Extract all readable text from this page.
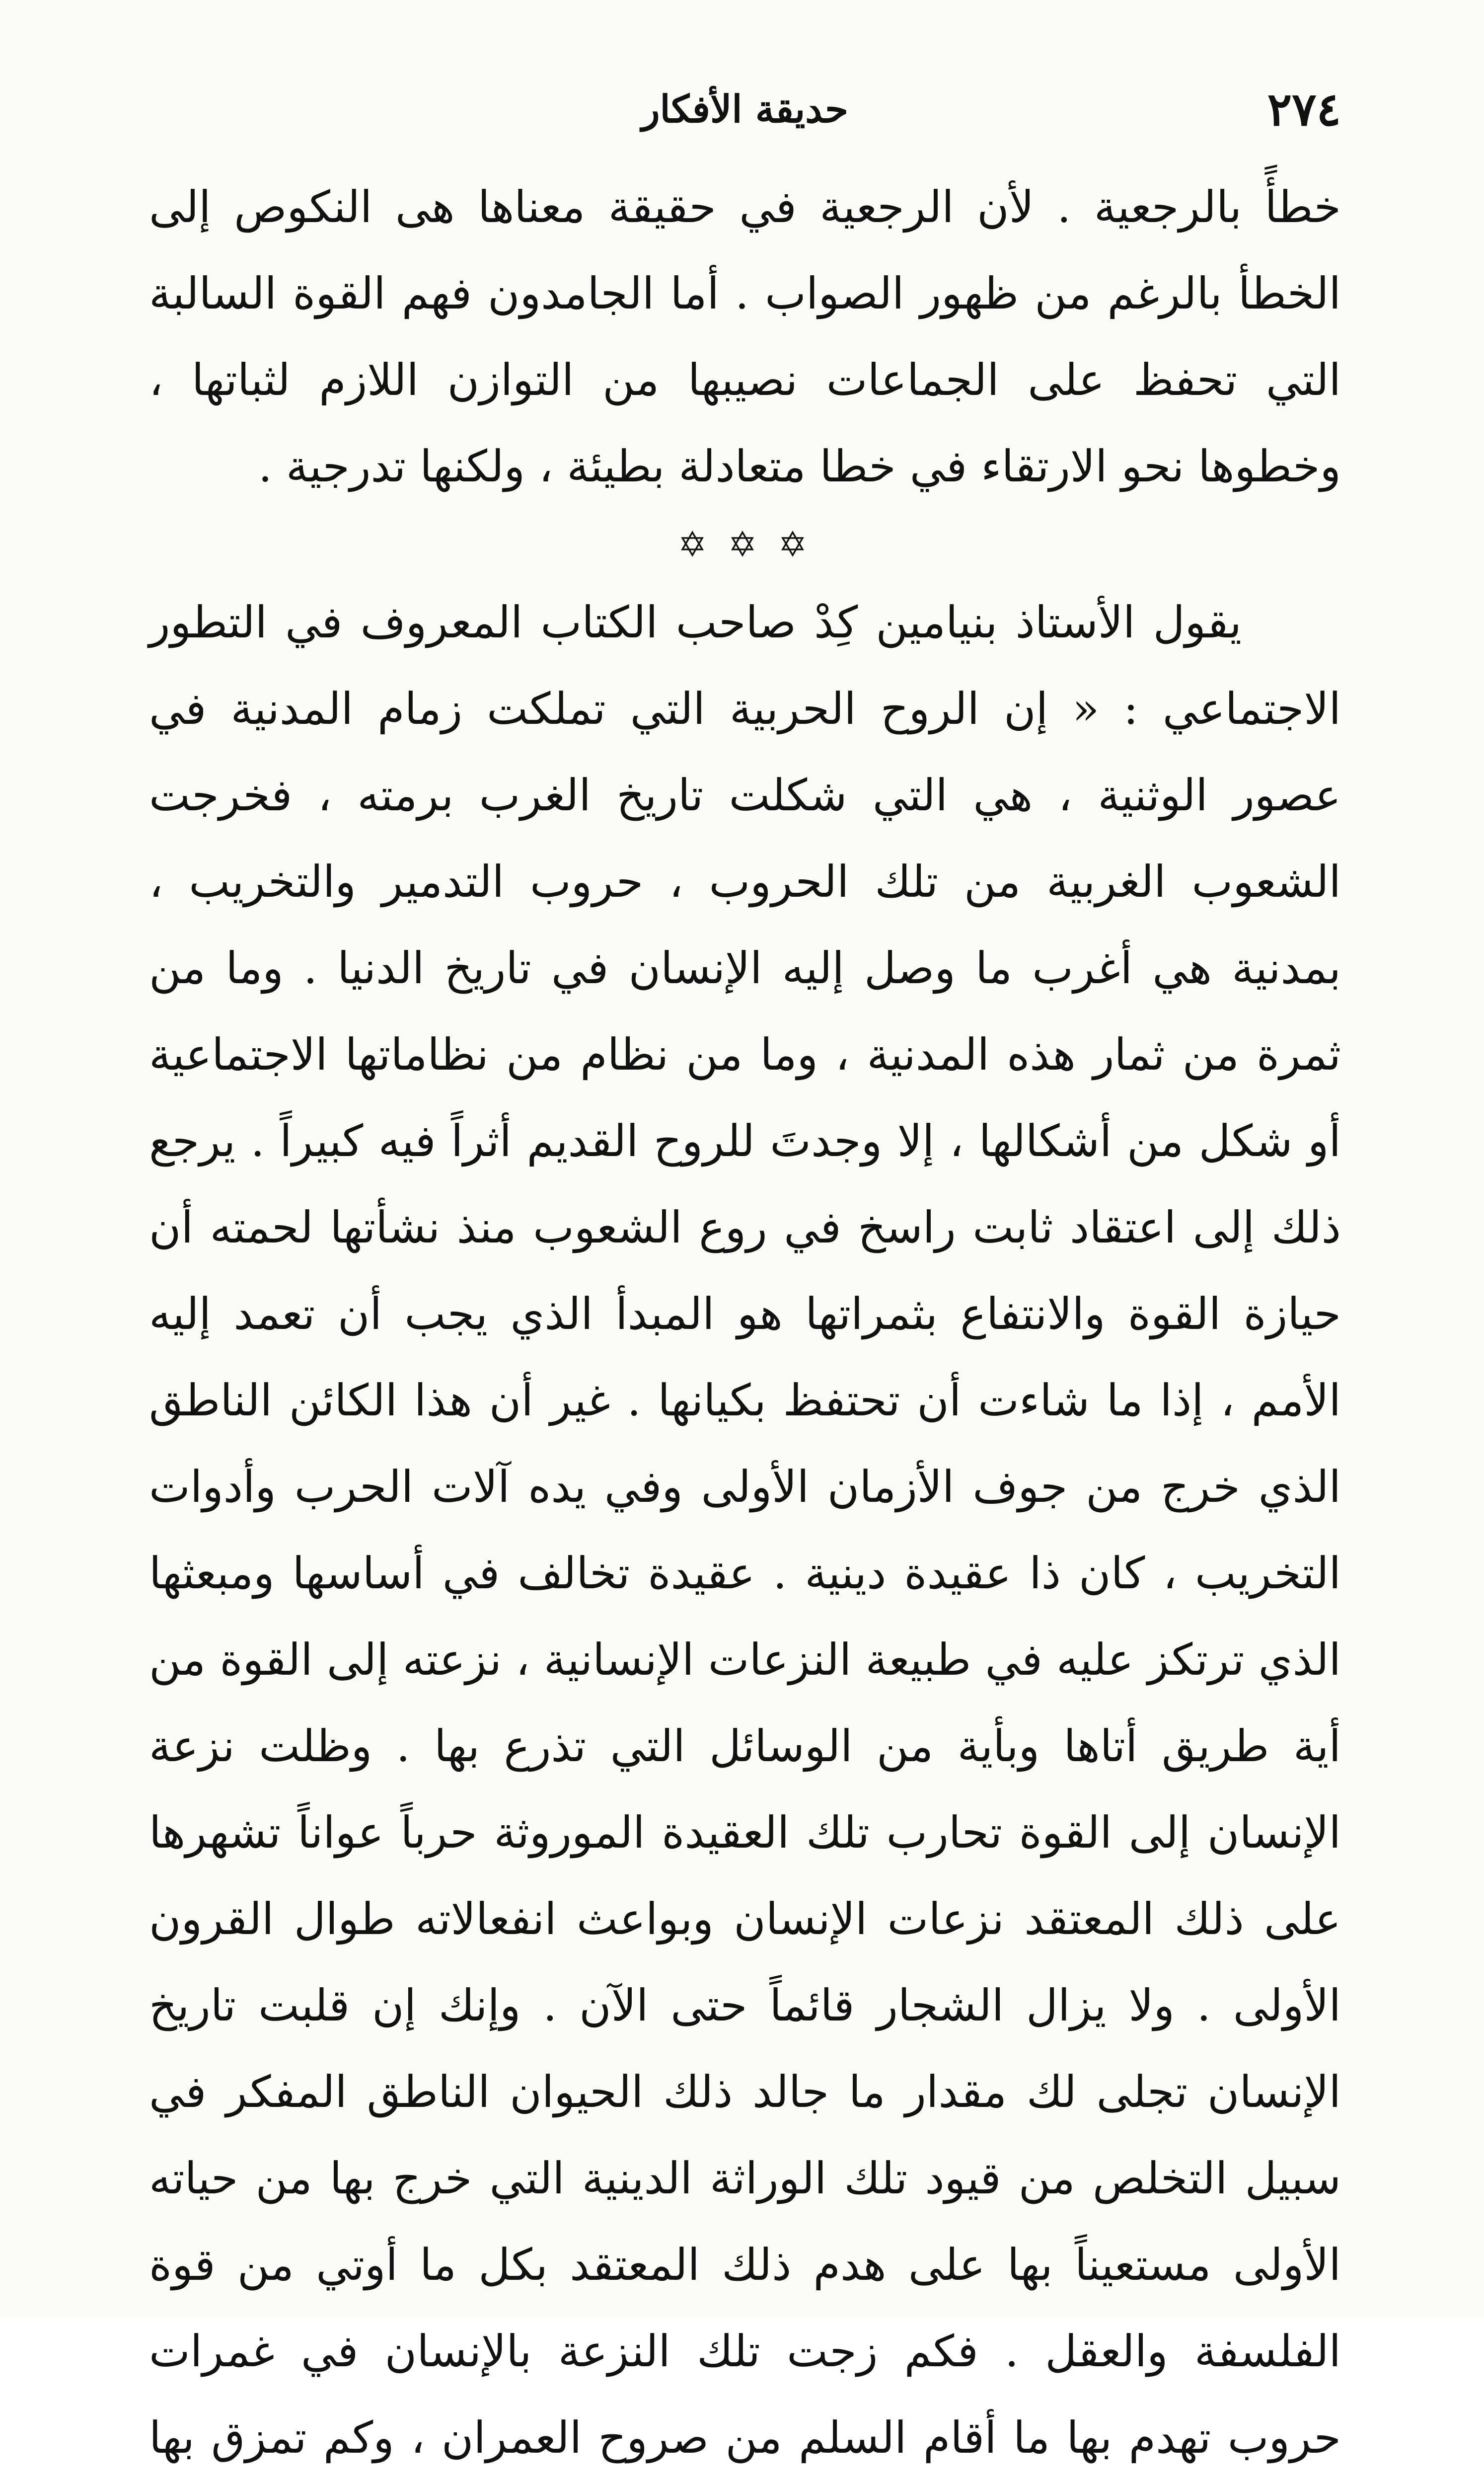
٢٧٤
حديقة الأفكار

خطأً بالرجعية . لأن الرجعية في حقيقة معناها هى النكوص إلى الخطأ بالرغم من ظهور الصواب . أما الجامدون فهم القوة السالبة التي تحفظ على الجماعات نصيبها من التوازن اللازم لثباتها ، وخطوها نحو الارتقاء في خطا متعادلة بطيئة ، ولكنها تدرجية .

✡ ✡ ✡

يقول الأستاذ بنيامين كِدْ صاحب الكتاب المعروف في التطور الاجتماعي : « إن الروح الحربية التي تملكت زمام المدنية في عصور الوثنية ، هي التي شكلت تاريخ الغرب برمته ، فخرجت الشعوب الغربية من تلك الحروب ، حروب التدمير والتخريب ، بمدنية هي أغرب ما وصل إليه الإنسان في تاريخ الدنيا . وما من ثمرة من ثمار هذه المدنية ، وما من نظام من نظاماتها الاجتماعية أو شكل من أشكالها ، إلا وجدتَ للروح القديم أثراً فيه كبيراً . يرجع ذلك إلى اعتقاد ثابت راسخ في روع الشعوب منذ نشأتها لحمته أن حيازة القوة والانتفاع بثمراتها هو المبدأ الذي يجب أن تعمد إليه الأمم ، إذا ما شاءت أن تحتفظ بكيانها . غير أن هذا الكائن الناطق الذي خرج من جوف الأزمان الأولى وفي يده آلات الحرب وأدوات التخريب ، كان ذا عقيدة دينية . عقيدة تخالف في أساسها ومبعثها الذي ترتكز عليه في طبيعة النزعات الإنسانية ، نزعته إلى القوة من أية طريق أتاها وبأية من الوسائل التي تذرع بها . وظلت نزعة الإنسان إلى القوة تحارب تلك العقيدة الموروثة حرباً عواناً تشهرها على ذلك المعتقد نزعات الإنسان وبواعث انفعالاته طوال القرون الأولى . ولا يزال الشجار قائماً حتى الآن . وإنك إن قلبت تاريخ الإنسان تجلى لك مقدار ما جالد ذلك الحيوان الناطق المفكر في سبيل التخلص من قيود تلك الوراثة الدينية التي خرج بها من حياته الأولى مستعيناً بها على هدم ذلك المعتقد بكل ما أوتي من قوة الفلسفة والعقل . فكم زجت تلك النزعة بالإنسان في غمرات حروب تهدم بها ما أقام السلم من صروح العمران ، وكم تمزق بها
